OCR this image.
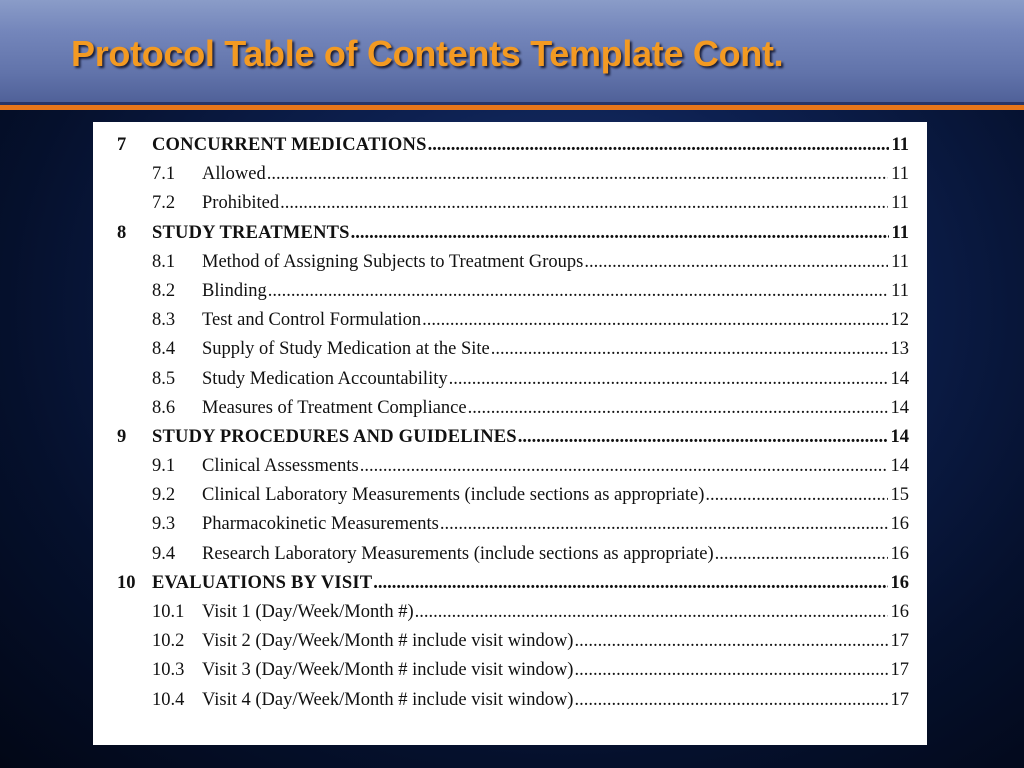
Protocol Table of Contents Template Cont.
7 CONCURRENT MEDICATIONS .....	11
7.1 Allowed .....	11
7.2 Prohibited .....	11
8 STUDY TREATMENTS .....	11
8.1 Method of Assigning Subjects to Treatment Groups .....	11
8.2 Blinding .....	11
8.3 Test and Control Formulation .....	12
8.4 Supply of Study Medication at the Site .....	13
8.5 Study Medication Accountability .....	14
8.6 Measures of Treatment Compliance .....	14
9 STUDY PROCEDURES AND GUIDELINES .....	14
9.1 Clinical Assessments .....	14
9.2 Clinical Laboratory Measurements (include sections as appropriate) .....	15
9.3 Pharmacokinetic Measurements .....	16
9.4 Research Laboratory Measurements (include sections as appropriate) .....	16
10 EVALUATIONS BY VISIT .....	16
10.1 Visit 1 (Day/Week/Month #) .....	16
10.2 Visit 2 (Day/Week/Month # include visit window) .....	17
10.3 Visit 3 (Day/Week/Month # include visit window) .....	17
10.4 Visit 4 (Day/Week/Month # include visit window) .....	17
